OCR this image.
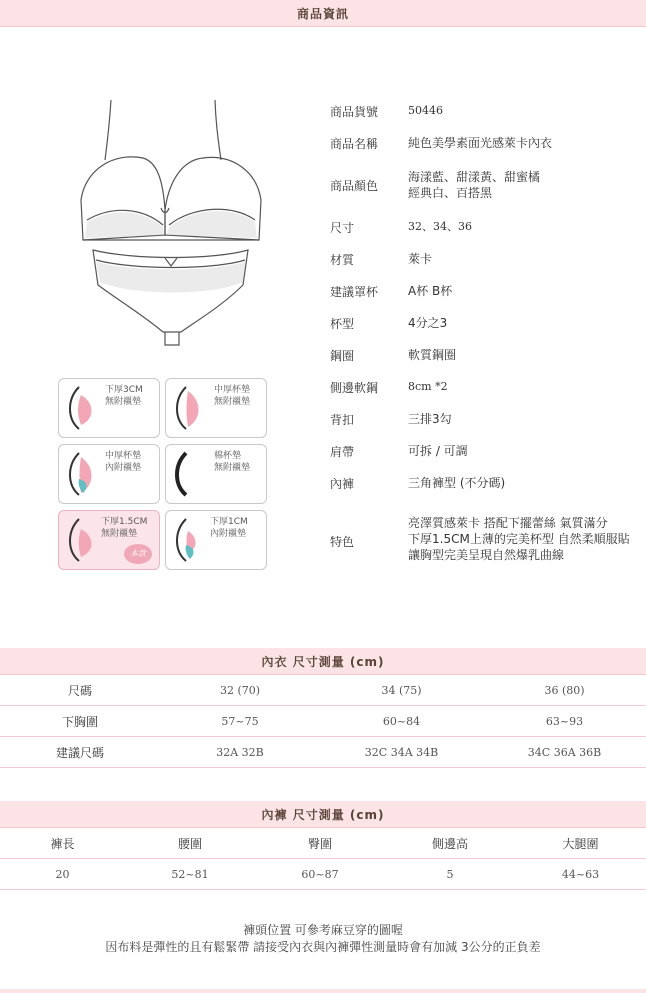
商品資訊
下厚3CM
無附襯墊
中厚杯墊
無附襯墊
中厚杯墊
內附襯墊
棉杯墊
無附襯墊
下厚1.5CM
無附襯墊
本款
下厚1CM
內附襯墊
商品貨號	50446
商品名稱	純色美學素面光感萊卡內衣
商品顏色
海漾藍、甜漾黃、甜蜜橘
經典白、百搭黑
尺寸	32、34、36
材質	萊卡
建議罩杯	A杯 B杯
杯型	4分之3
鋼圈	軟質鋼圈
側邊軟鋼	8cm *2
背扣	三排3勾
肩帶	可拆 / 可調
內褲	三角褲型 (不分碼)
特色
亮澤質感萊卡 搭配下擺蕾絲 氣質滿分
下厚1.5CM上薄的完美杯型 自然柔順服貼
讓胸型完美呈現自然爆乳曲線
內衣 尺寸測量 (cm)
尺碼	32 (70)	34 (75)	36 (80)
下胸圍	57~75	60~84	63~93
建議尺碼	32A 32B	32C 34A 34B	34C 36A 36B
內褲 尺寸測量 (cm)
褲長	腰圍	臀圍	側邊高	大腿圍
20	52~81	60~87	5	44~63
褲頭位置 可參考麻豆穿的圖喔
因布料是彈性的且有鬆緊帶 請接受內衣與內褲彈性測量時會有加減 3公分的正負差
